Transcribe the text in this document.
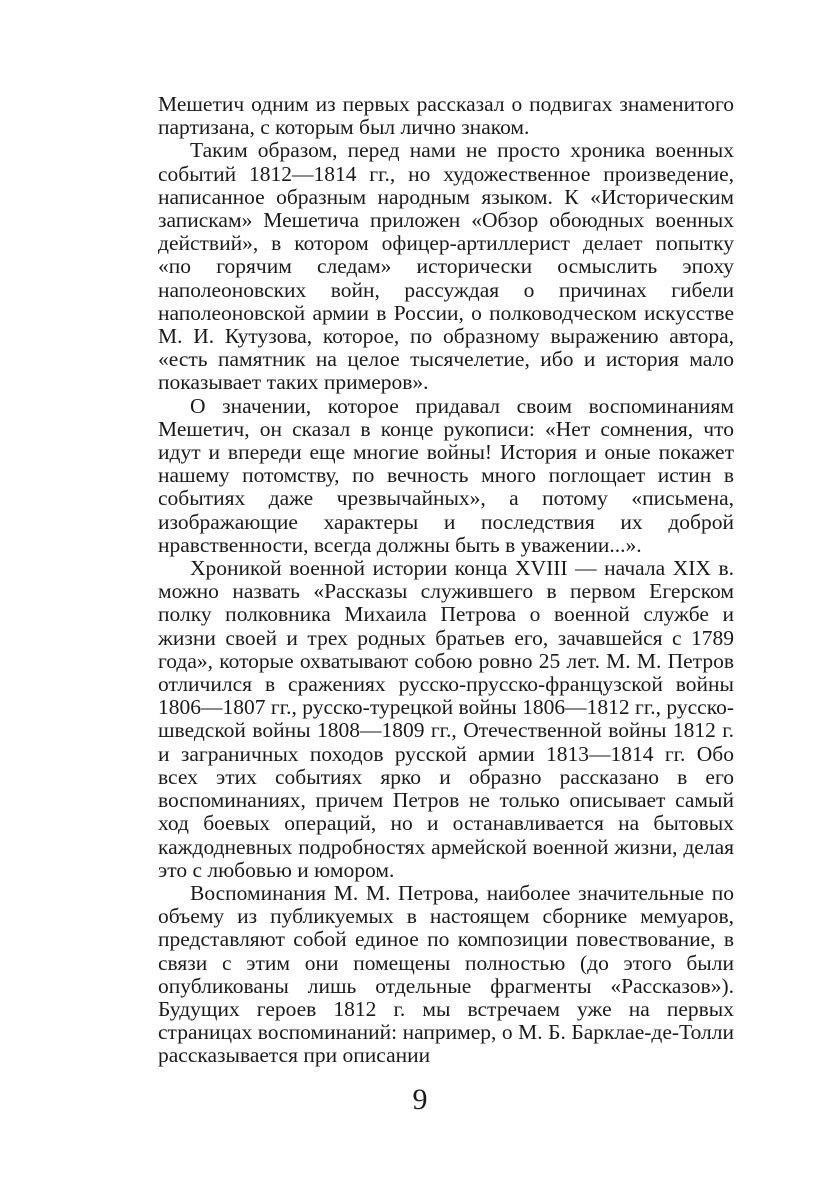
Мешетич одним из первых рассказал о подвигах знаменитого партизана, с которым был лично знаком.

Таким образом, перед нами не просто хроника военных событий 1812—1814 гг., но художественное произведение, написанное образным народным языком. К «Историческим запискам» Мешетича приложен «Обзор обоюдных военных действий», в котором офицер-артиллерист делает попытку «по горячим следам» исторически осмыслить эпоху наполеоновских войн, рассуждая о причинах гибели наполеоновской армии в России, о полководческом искусстве М. И. Кутузова, которое, по образному выражению автора, «есть памятник на целое тысячелетие, ибо и история мало показывает таких примеров».

О значении, которое придавал своим воспоминаниям Мешетич, он сказал в конце рукописи: «Нет сомнения, что идут и впереди еще многие войны! История и оные покажет нашему потомству, по вечность много поглощает истин в событиях даже чрезвычайных», а потому «письмена, изображающие характеры и последствия их доброй нравственности, всегда должны быть в уважении...».

Хроникой военной истории конца XVIII — начала XIX в. можно назвать «Рассказы служившего в первом Егерском полку полковника Михаила Петрова о военной службе и жизни своей и трех родных братьев его, зачавшейся с 1789 года», которые охватывают собою ровно 25 лет. М. М. Петров отличился в сражениях русско-прусско-французской войны 1806—1807 гг., русско-турецкой войны 1806—1812 гг., русско-шведской войны 1808—1809 гг., Отечественной войны 1812 г. и заграничных походов русской армии 1813—1814 гг. Обо всех этих событиях ярко и образно рассказано в его воспоминаниях, причем Петров не только описывает самый ход боевых операций, но и останавливается на бытовых каждодневных подробностях армейской военной жизни, делая это с любовью и юмором.

Воспоминания М. М. Петрова, наиболее значительные по объему из публикуемых в настоящем сборнике мемуаров, представляют собой единое по композиции повествование, в связи с этим они помещены полностью (до этого были опубликованы лишь отдельные фрагменты «Рассказов»). Будущих героев 1812 г. мы встречаем уже на первых страницах воспоминаний: например, о М. Б. Барклае-де-Толли рассказывается при описании

9
